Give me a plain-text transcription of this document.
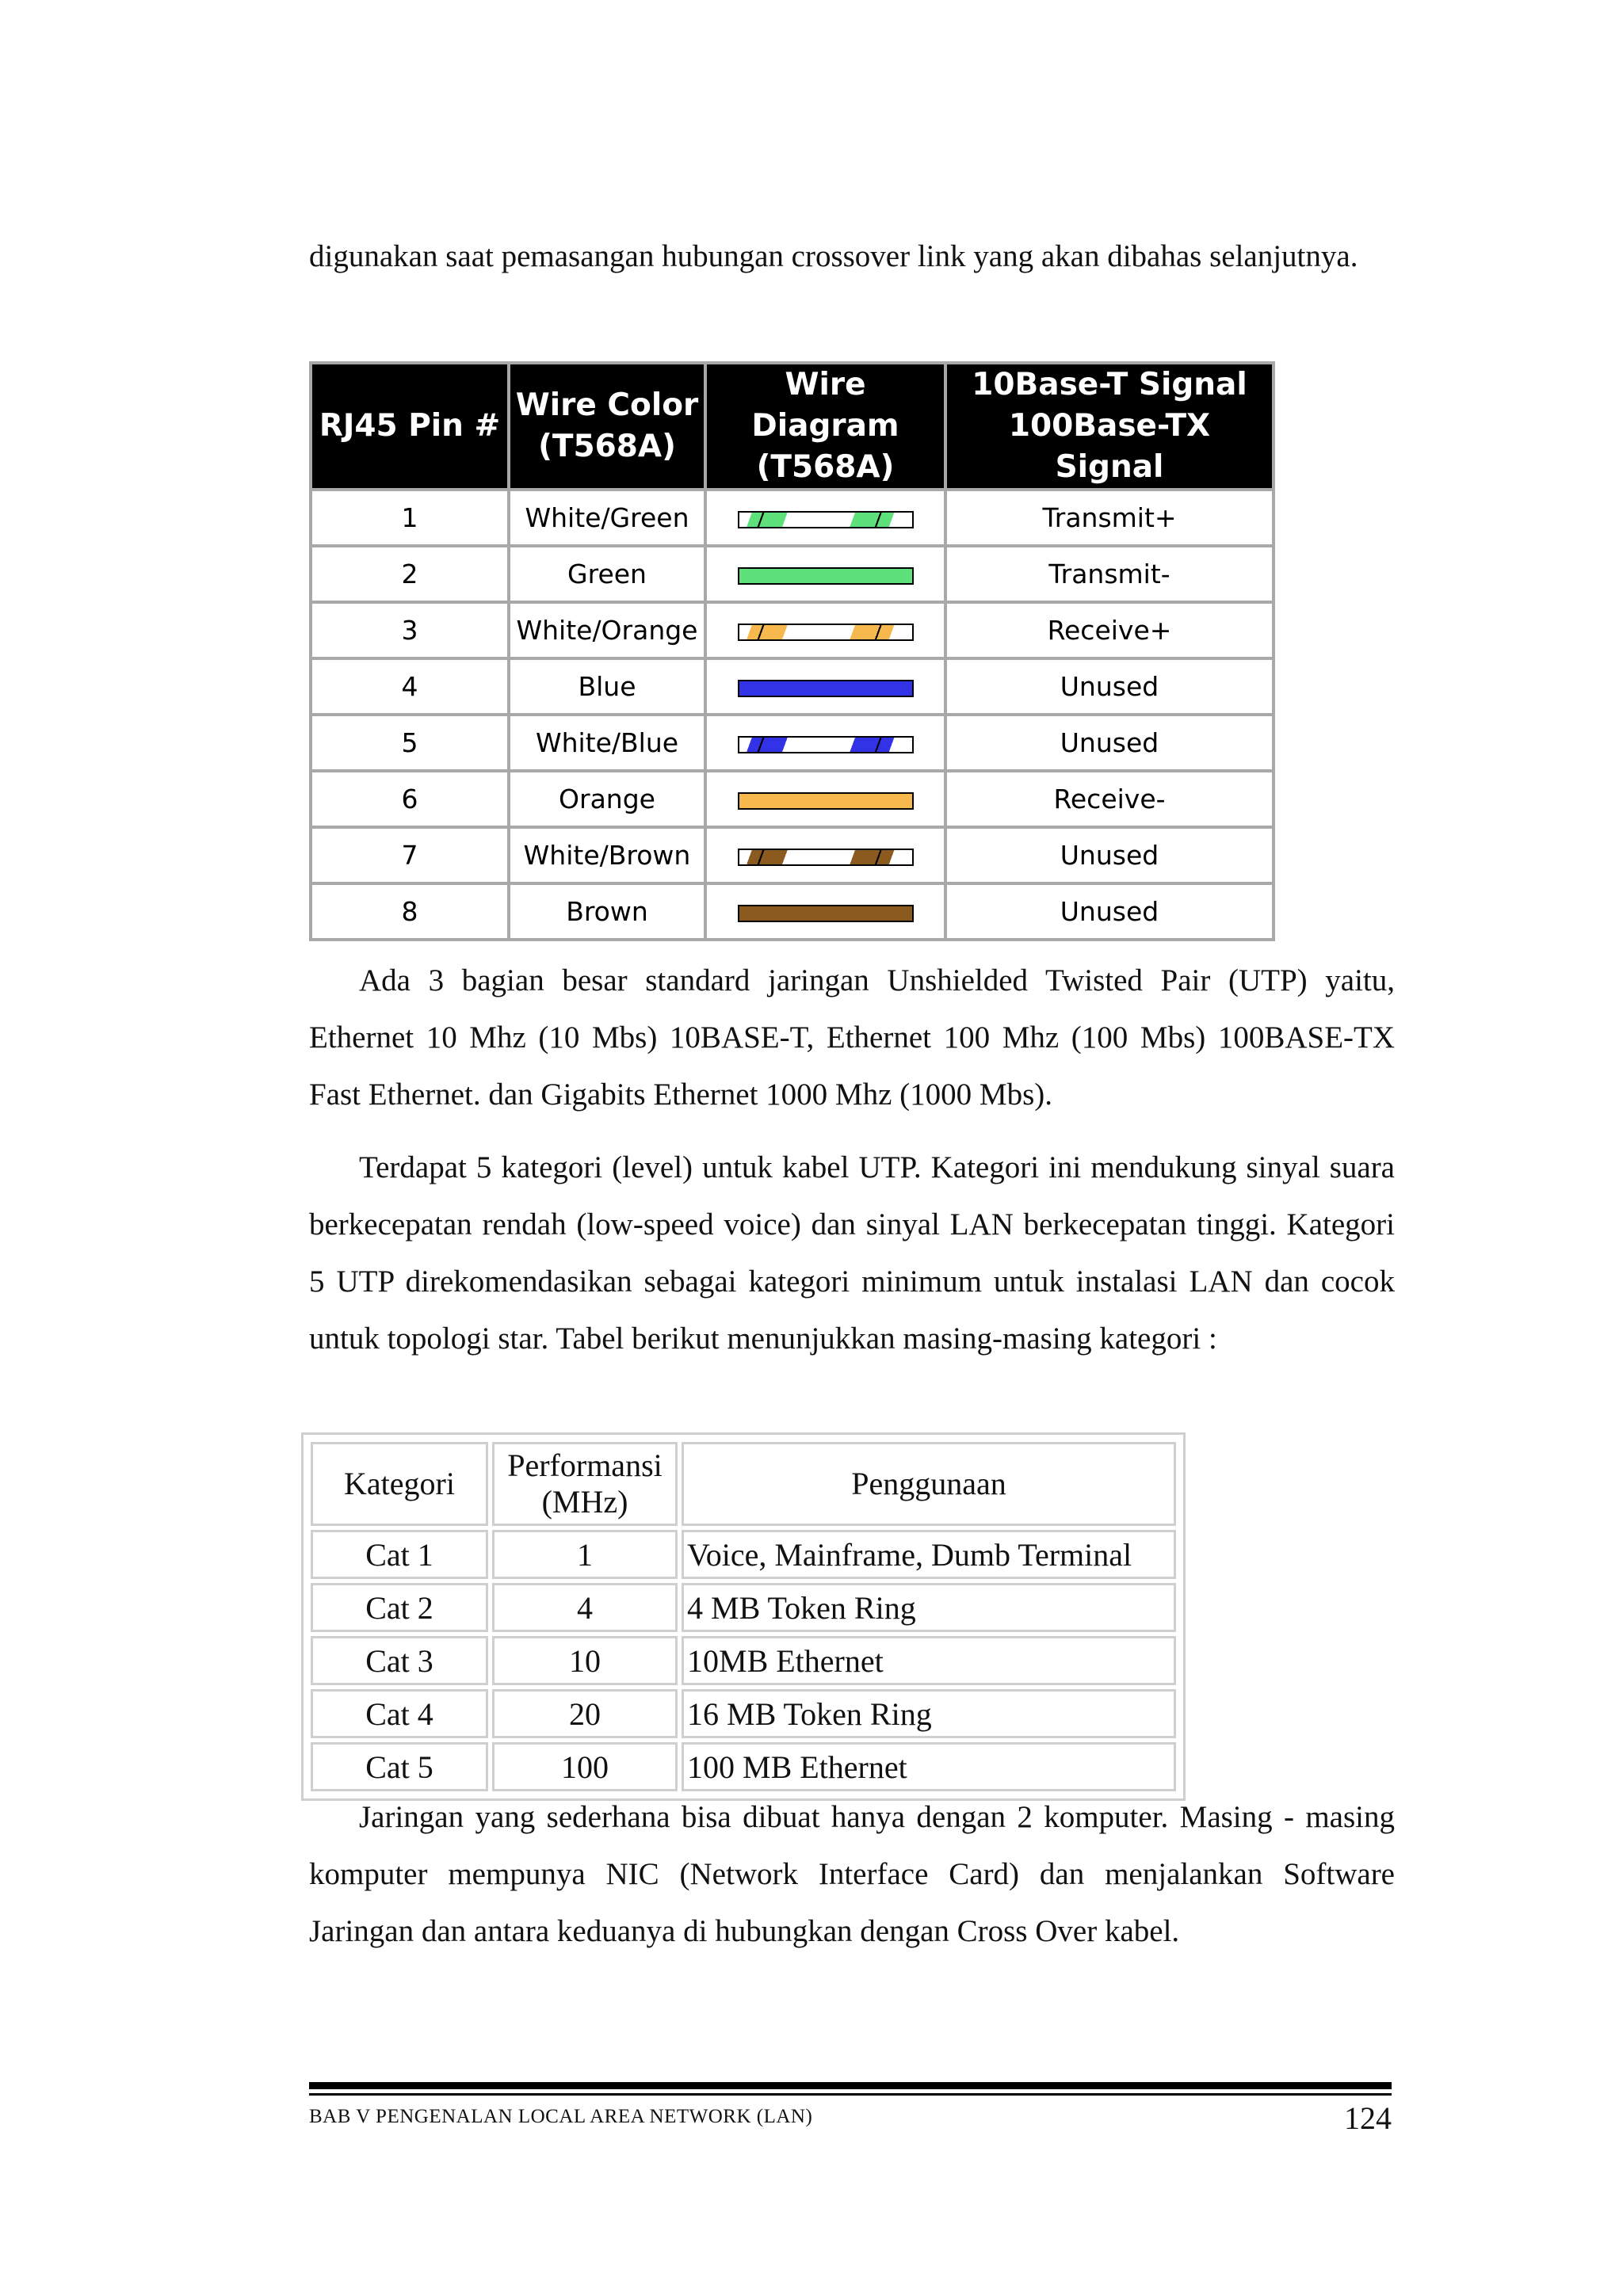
digunakan saat pemasangan hubungan crossover link yang akan dibahas selanjutnya.

RJ45 Pin #	Wire Color (T568A)	Wire Diagram (T568A)	10Base-T Signal 100Base-TX Signal
1	White/Green		Transmit+
2	Green		Transmit-
3	White/Orange		Receive+
4	Blue		Unused
5	White/Blue		Unused
6	Orange		Receive-
7	White/Brown		Unused
8	Brown		Unused

Ada 3 bagian besar standard jaringan Unshielded Twisted Pair (UTP) yaitu, Ethernet 10 Mhz (10 Mbs) 10BASE-T, Ethernet 100 Mhz (100 Mbs) 100BASE-TX Fast Ethernet. dan Gigabits Ethernet 1000 Mhz (1000 Mbs).

Terdapat 5 kategori (level) untuk kabel UTP. Kategori ini mendukung sinyal suara berkecepatan rendah (low-speed voice) dan sinyal LAN berkecepatan tinggi. Kategori 5 UTP direkomendasikan sebagai kategori minimum untuk instalasi LAN dan cocok untuk topologi star. Tabel berikut menunjukkan masing-masing kategori :

Kategori	Performansi (MHz)	Penggunaan
Cat 1	1	Voice, Mainframe, Dumb Terminal
Cat 2	4	4 MB Token Ring
Cat 3	10	10MB Ethernet
Cat 4	20	16 MB Token Ring
Cat 5	100	100 MB Ethernet

Jaringan yang sederhana bisa dibuat hanya dengan 2 komputer. Masing - masing komputer mempunya NIC (Network Interface Card) dan menjalankan Software Jaringan dan antara keduanya di hubungkan dengan Cross Over kabel.

BAB V PENGENALAN LOCAL AREA NETWORK (LAN)	124
